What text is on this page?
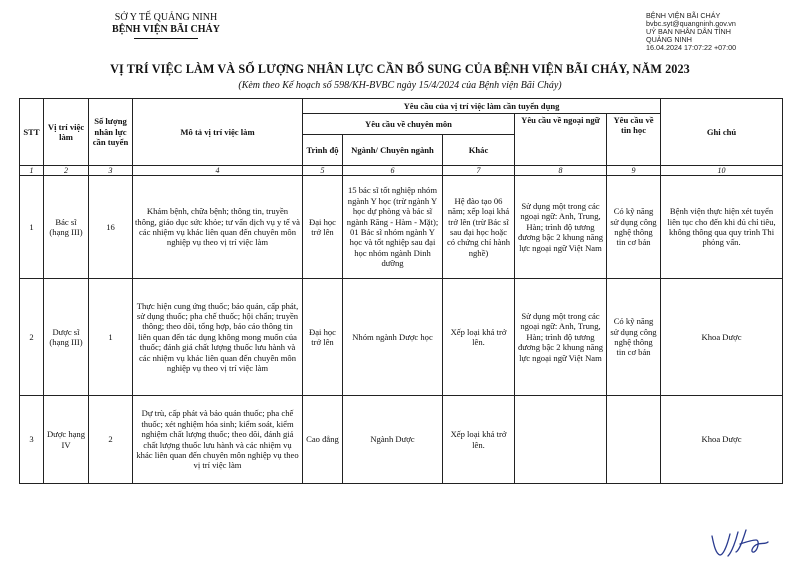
SỞ Y TẾ QUẢNG NINH
BỆNH VIỆN BÃI CHÁY
BỆNH VIỆN BÃI CHÁY
bvbc.syt@quangninh.gov.vn
UỶ BAN NHÂN DÂN TỈNH
QUẢNG NINH
16.04.2024 17:07:22 +07:00
VỊ TRÍ VIỆC LÀM VÀ SỐ LƯỢNG NHÂN LỰC CẦN BỔ SUNG CỦA BỆNH VIỆN BÃI CHÁY, NĂM 2023
(Kèm theo Kế hoạch số 598/KH-BVBC ngày 15/4/2024 của Bệnh viện Bãi Cháy)
STT	Vị trí việc làm	Số lượng nhân lực cần tuyển	Mô tả vị trí việc làm	Yêu cầu của vị trí việc làm cần tuyển dụng					Ghi chú
				Yêu cầu về chuyên môn			Yêu cầu về ngoại ngữ	Yêu cầu về tin học	
				Trình độ	Ngành/ Chuyên ngành	Khác			
1	2	3	4	5	6	7	8	9	10
1	Bác sĩ (hạng III)	16	Khám bệnh, chữa bệnh; thông tin, truyền thông, giáo dục sức khỏe; tư vấn dịch vụ y tế và các nhiệm vụ khác liên quan đến chuyên môn nghiệp vụ theo vị trí việc làm	Đại học trở lên	15 bác sĩ tốt nghiệp nhóm ngành Y học (trừ ngành Y học dự phòng và bác sĩ ngành Răng - Hàm - Mặt); 01 Bác sĩ nhóm ngành Y học và tốt nghiệp sau đại học nhóm ngành Dinh dưỡng	Hệ đào tạo 06 năm; xếp loại khá trở lên (trừ Bác sĩ sau đại học hoặc có chứng chỉ hành nghề)	Sử dụng một trong các ngoại ngữ: Anh, Trung, Hàn; trình độ tương đương bậc 2 khung năng lực ngoại ngữ Việt Nam	Có kỹ năng sử dụng công nghệ thông tin cơ bản	Bệnh viện thực hiện xét tuyển liên tục cho đến khi đủ chỉ tiêu, không thông qua quy trình Thi phỏng vấn.
2	Dược sĩ (hạng III)	1	Thực hiện cung ứng thuốc; bảo quản, cấp phát, sử dụng thuốc; pha chế thuốc; hội chẩn; truyền thông; theo dõi, tổng hợp, báo cáo thông tin liên quan đến tác dụng không mong muốn của thuốc; đánh giá chất lượng thuốc lưu hành và các nhiệm vụ khác liên quan đến chuyên môn nghiệp vụ theo vị trí việc làm	Đại học trở lên	Nhóm ngành Dược học	Xếp loại khá trở lên.	Sử dụng một trong các ngoại ngữ: Anh, Trung, Hàn; trình độ tương đương bậc 2 khung năng lực ngoại ngữ Việt Nam	Có kỹ năng sử dụng công nghệ thông tin cơ bản	Khoa Dược
3	Dược hạng IV	2	Dự trù, cấp phát và bảo quản thuốc; pha chế thuốc; xét nghiệm hóa sinh; kiểm soát, kiểm nghiệm chất lượng thuốc; theo dõi, đánh giá chất lượng thuốc lưu hành và các nhiệm vụ khác liên quan đến chuyên môn nghiệp vụ theo vị trí việc làm	Cao đẳng	Ngành Dược	Xếp loại khá trở lên.			Khoa Dược
